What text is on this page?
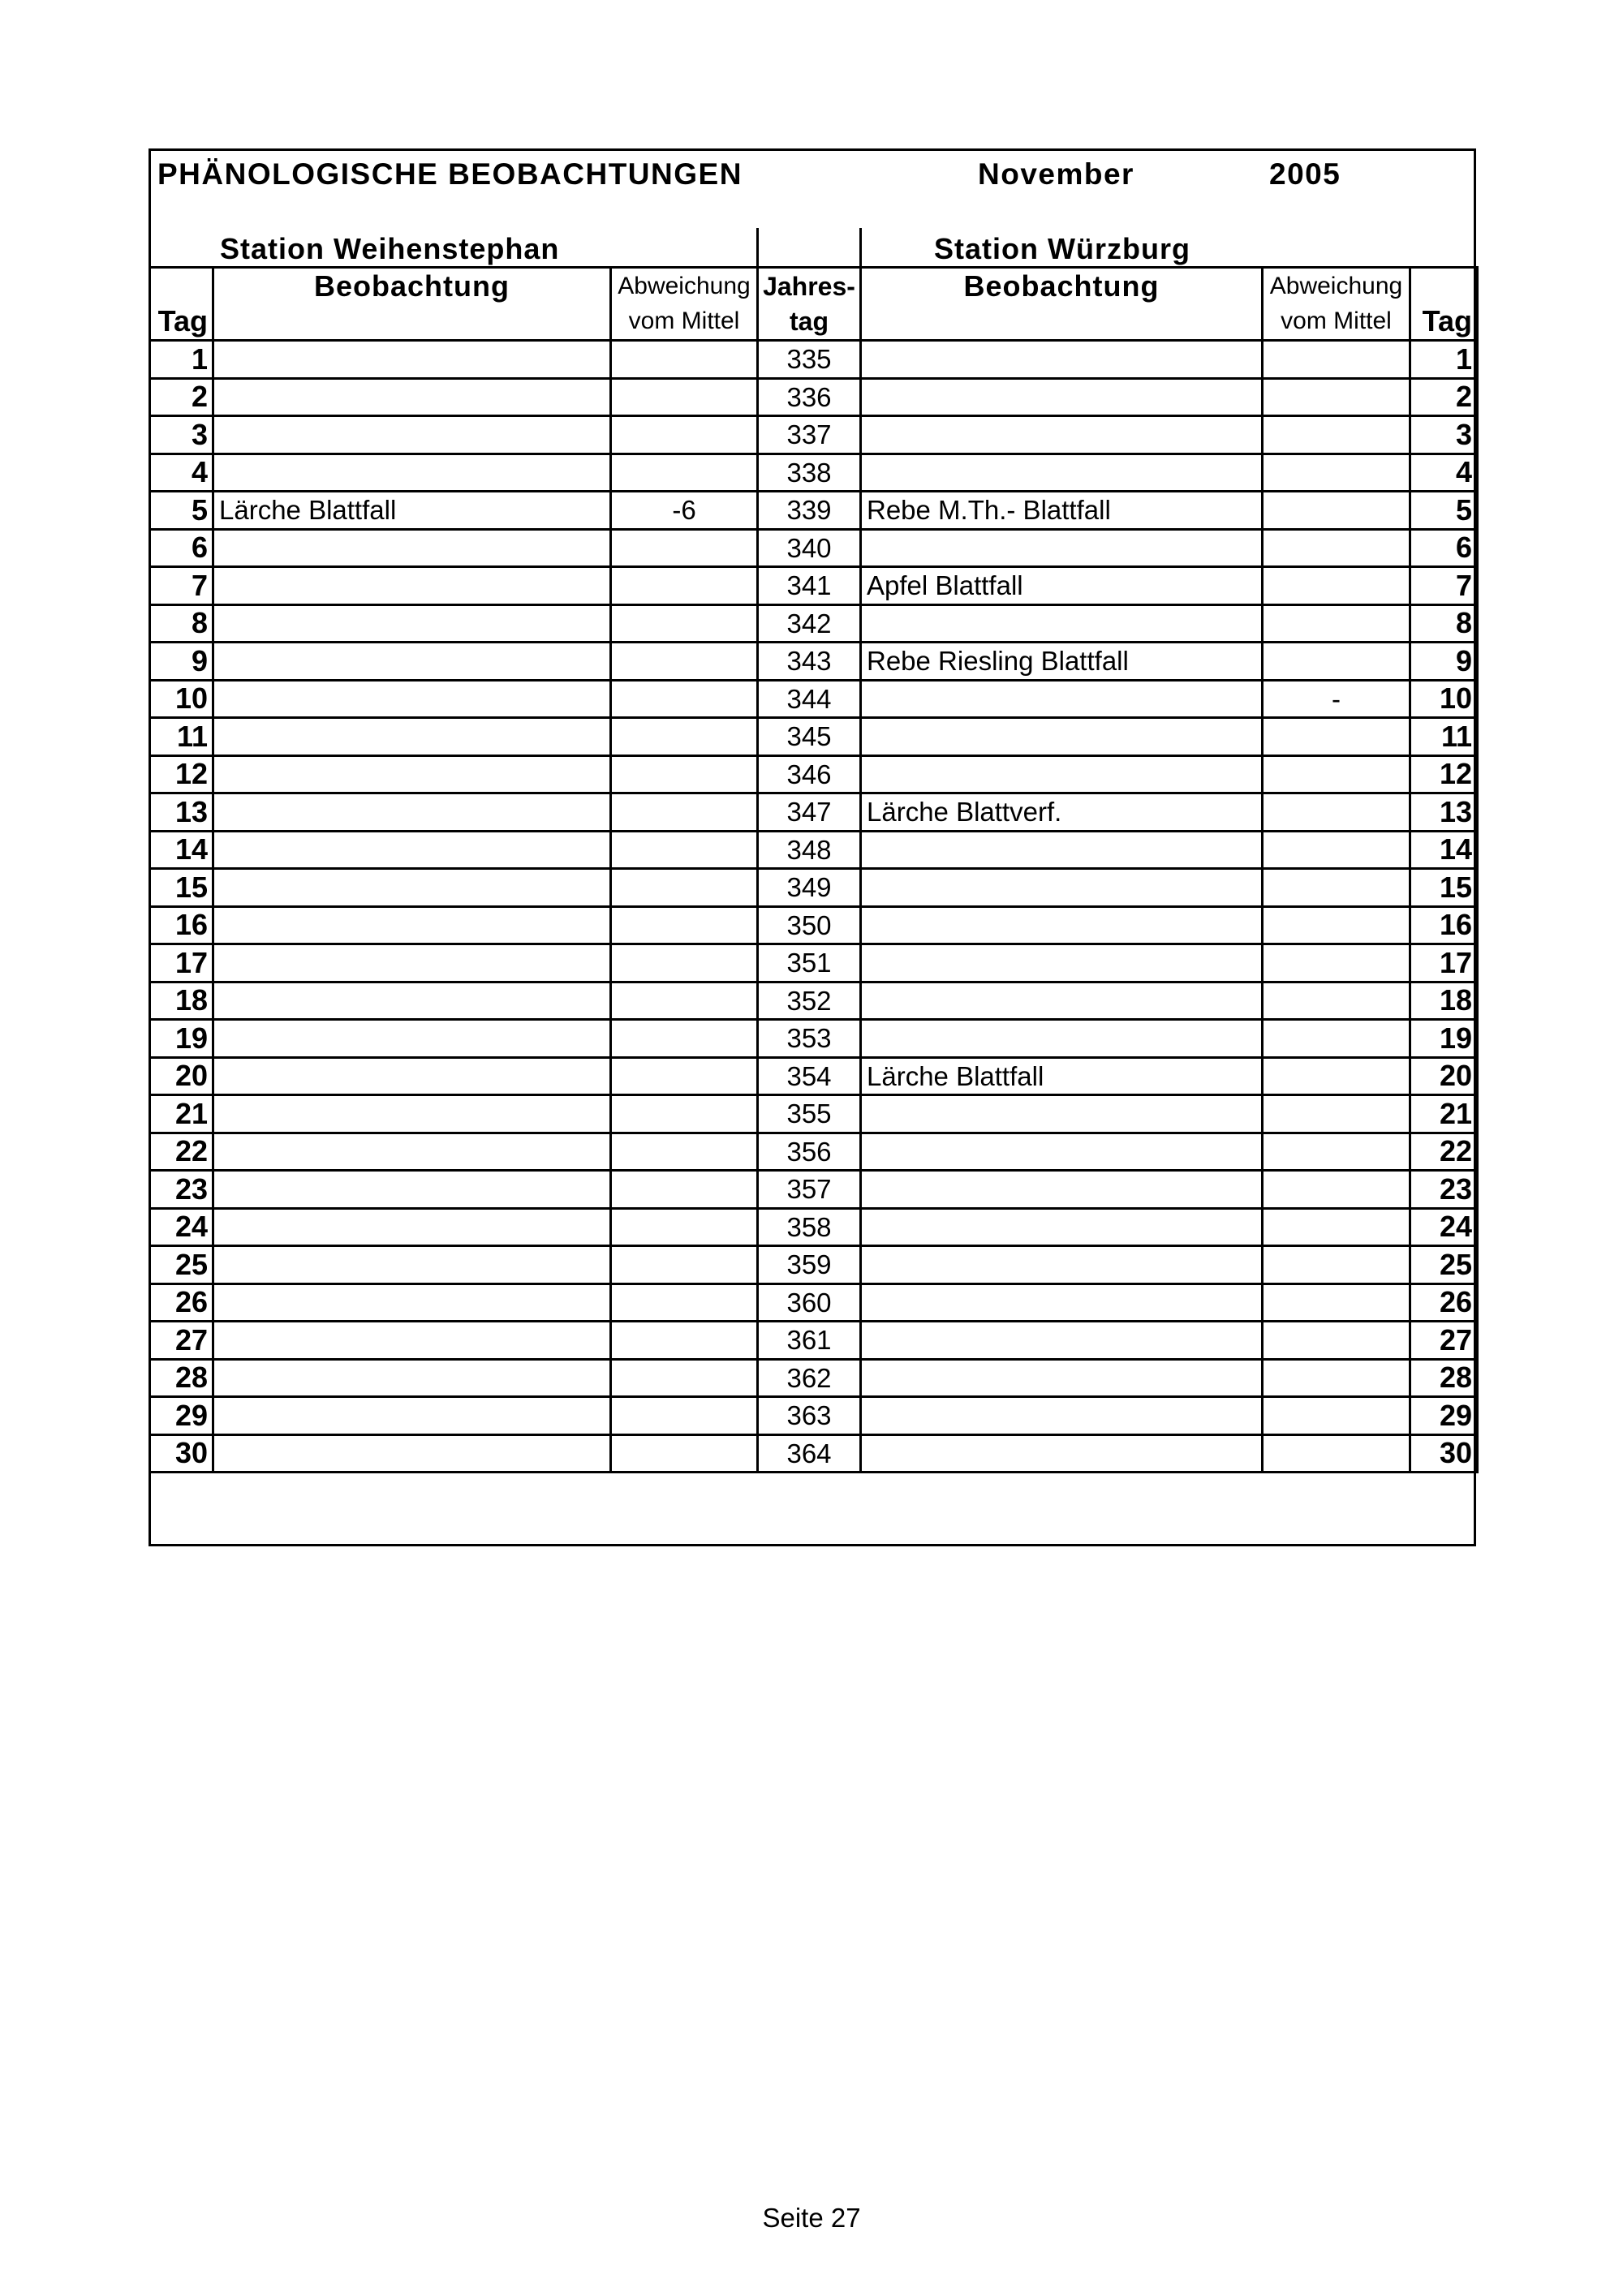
PHÄNOLOGISCHE BEOBACHTUNGEN	November	2005
Station Weihenstephan	Station Würzburg
	Beobachtung	Abweichung	Jahres-	Beobachtung	Abweichung	
Tag		vom Mittel	tag		vom Mittel	Tag
1			335			1
2			336			2
3			337			3
4			338			4
5	Lärche Blattfall	-6	339	Rebe M.Th.- Blattfall		5
6			340			6
7			341	Apfel Blattfall		7
8			342			8
9			343	Rebe Riesling Blattfall		9
10			344		-	10
11			345			11
12			346			12
13			347	Lärche Blattverf.		13
14			348			14
15			349			15
16			350			16
17			351			17
18			352			18
19			353			19
20			354	Lärche Blattfall		20
21			355			21
22			356			22
23			357			23
24			358			24
25			359			25
26			360			26
27			361			27
28			362			28
29			363			29
30			364			30
Seite 27
